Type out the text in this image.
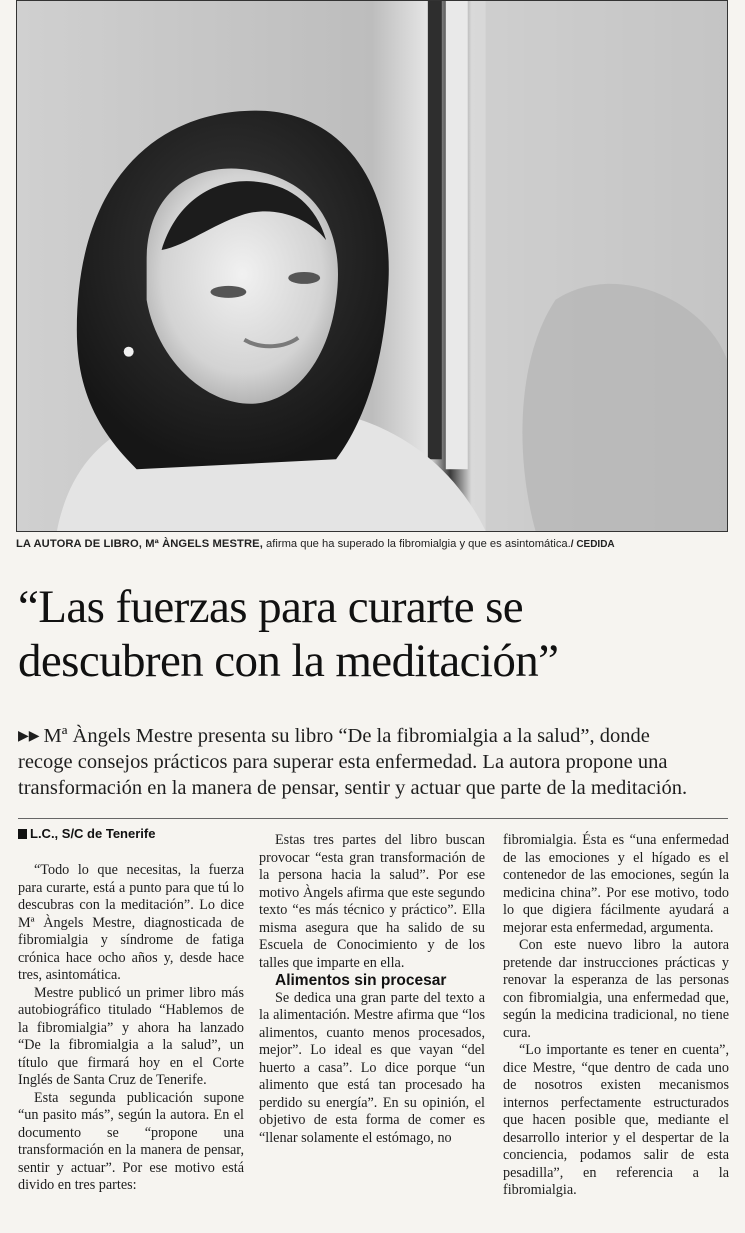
LA AUTORA DE LIBRO, Mª ÀNGELS MESTRE, afirma que ha superado la fibromialgia y que es asintomática./ CEDIDA
“Las fuerzas para curarte se
descubren con la meditación”
▶▶ Mª Àngels Mestre presenta su libro “De la fibromialgia a la salud”, donde
recoge consejos prácticos para superar esta enfermedad. La autora propone una
transformación en la manera de pensar, sentir y actuar que parte de la meditación.
L.C., S/C de Tenerife

“Todo lo que necesitas, la fuerza para curarte, está a punto para que tú lo descubras con la meditación”. Lo dice Mª Àngels Mestre, diagnosticada de fibromialgia y síndrome de fatiga crónica hace ocho años y, desde hace tres, asintomática.

Mestre publicó un primer libro más autobiográfico titulado “Hablemos de la fibromialgia” y ahora ha lanzado “De la fibromialgia a la salud”, un título que firmará hoy en el Corte Inglés de Santa Cruz de Tenerife.

Esta segunda publicación supone “un pasito más”, según la autora. En el documento se “propone una transformación en la manera de pensar, sentir y actuar”. Por ese motivo está divido en tres partes:

Estas tres partes del libro buscan provocar “esta gran transformación de la persona hacia la salud”. Por ese motivo Àngels afirma que este segundo texto “es más técnico y práctico”. Ella misma asegura que ha salido de su Escuela de Conocimiento y de los talles que imparte en ella.

Alimentos sin procesar

Se dedica una gran parte del texto a la alimentación. Mestre afirma que “los alimentos, cuanto menos procesados, mejor”. Lo ideal es que vayan “del huerto a casa”. Lo dice porque “un alimento que está tan procesado ha perdido su energía”. En su opinión, el objetivo de esta forma de comer es “llenar solamente el estómago, no

fibromialgia. Ésta es “una enfermedad de las emociones y el hígado es el contenedor de las emociones, según la medicina china”. Por ese motivo, todo lo que digiera fácilmente ayudará a mejorar esta enfermedad, argumenta.

Con este nuevo libro la autora pretende dar instrucciones prácticas y renovar la esperanza de las personas con fibromialgia, una enfermedad que, según la medicina tradicional, no tiene cura.

“Lo importante es tener en cuenta”, dice Mestre, “que dentro de cada uno de nosotros existen mecanismos internos perfectamente estructurados que hacen posible que, mediante el desarrollo interior y el despertar de la conciencia, podamos salir de esta pesadilla”, en referencia a la fibromialgia.
